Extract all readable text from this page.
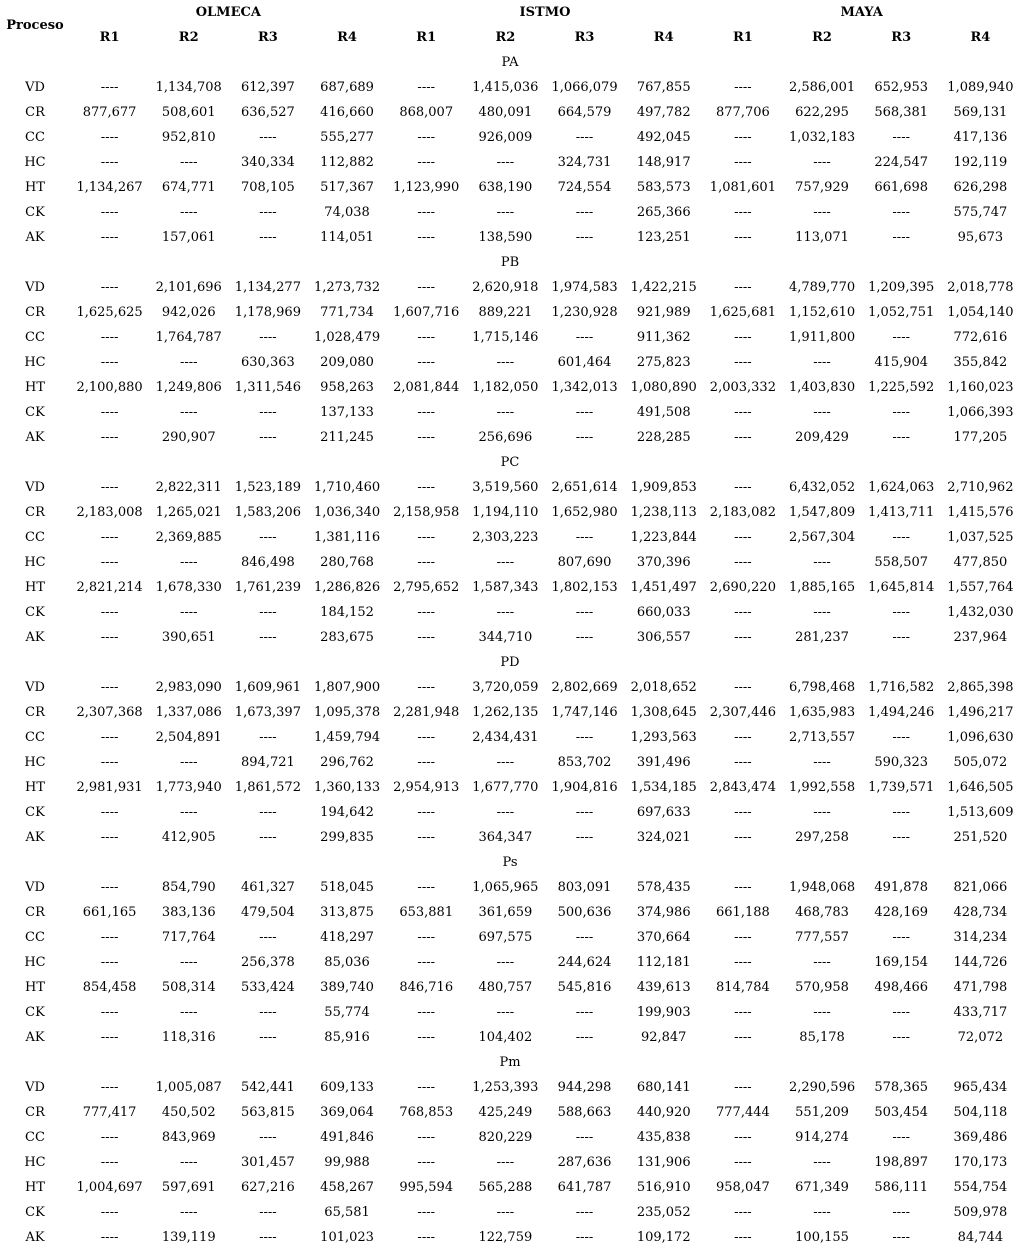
Proceso	OLMECA				ISTMO				MAYA			
	R1	R2	R3	R4	R1	R2	R3	R4	R1	R2	R3	R4
PA												
VD	----	1,134,708	612,397	687,689	----	1,415,036	1,066,079	767,855	----	2,586,001	652,953	1,089,940
CR	877,677	508,601	636,527	416,660	868,007	480,091	664,579	497,782	877,706	622,295	568,381	569,131
CC	----	952,810	----	555,277	----	926,009	----	492,045	----	1,032,183	----	417,136
HC	----	----	340,334	112,882	----	----	324,731	148,917	----	----	224,547	192,119
HT	1,134,267	674,771	708,105	517,367	1,123,990	638,190	724,554	583,573	1,081,601	757,929	661,698	626,298
CK	----	----	----	74,038	----	----	----	265,366	----	----	----	575,747
AK	----	157,061	----	114,051	----	138,590	----	123,251	----	113,071	----	95,673
PB												
VD	----	2,101,696	1,134,277	1,273,732	----	2,620,918	1,974,583	1,422,215	----	4,789,770	1,209,395	2,018,778
CR	1,625,625	942,026	1,178,969	771,734	1,607,716	889,221	1,230,928	921,989	1,625,681	1,152,610	1,052,751	1,054,140
CC	----	1,764,787	----	1,028,479	----	1,715,146	----	911,362	----	1,911,800	----	772,616
HC	----	----	630,363	209,080	----	----	601,464	275,823	----	----	415,904	355,842
HT	2,100,880	1,249,806	1,311,546	958,263	2,081,844	1,182,050	1,342,013	1,080,890	2,003,332	1,403,830	1,225,592	1,160,023
CK	----	----	----	137,133	----	----	----	491,508	----	----	----	1,066,393
AK	----	290,907	----	211,245	----	256,696	----	228,285	----	209,429	----	177,205
PC												
VD	----	2,822,311	1,523,189	1,710,460	----	3,519,560	2,651,614	1,909,853	----	6,432,052	1,624,063	2,710,962
CR	2,183,008	1,265,021	1,583,206	1,036,340	2,158,958	1,194,110	1,652,980	1,238,113	2,183,082	1,547,809	1,413,711	1,415,576
CC	----	2,369,885	----	1,381,116	----	2,303,223	----	1,223,844	----	2,567,304	----	1,037,525
HC	----	----	846,498	280,768	----	----	807,690	370,396	----	----	558,507	477,850
HT	2,821,214	1,678,330	1,761,239	1,286,826	2,795,652	1,587,343	1,802,153	1,451,497	2,690,220	1,885,165	1,645,814	1,557,764
CK	----	----	----	184,152	----	----	----	660,033	----	----	----	1,432,030
AK	----	390,651	----	283,675	----	344,710	----	306,557	----	281,237	----	237,964
PD												
VD	----	2,983,090	1,609,961	1,807,900	----	3,720,059	2,802,669	2,018,652	----	6,798,468	1,716,582	2,865,398
CR	2,307,368	1,337,086	1,673,397	1,095,378	2,281,948	1,262,135	1,747,146	1,308,645	2,307,446	1,635,983	1,494,246	1,496,217
CC	----	2,504,891	----	1,459,794	----	2,434,431	----	1,293,563	----	2,713,557	----	1,096,630
HC	----	----	894,721	296,762	----	----	853,702	391,496	----	----	590,323	505,072
HT	2,981,931	1,773,940	1,861,572	1,360,133	2,954,913	1,677,770	1,904,816	1,534,185	2,843,474	1,992,558	1,739,571	1,646,505
CK	----	----	----	194,642	----	----	----	697,633	----	----	----	1,513,609
AK	----	412,905	----	299,835	----	364,347	----	324,021	----	297,258	----	251,520
Ps												
VD	----	854,790	461,327	518,045	----	1,065,965	803,091	578,435	----	1,948,068	491,878	821,066
CR	661,165	383,136	479,504	313,875	653,881	361,659	500,636	374,986	661,188	468,783	428,169	428,734
CC	----	717,764	----	418,297	----	697,575	----	370,664	----	777,557	----	314,234
HC	----	----	256,378	85,036	----	----	244,624	112,181	----	----	169,154	144,726
HT	854,458	508,314	533,424	389,740	846,716	480,757	545,816	439,613	814,784	570,958	498,466	471,798
CK	----	----	----	55,774	----	----	----	199,903	----	----	----	433,717
AK	----	118,316	----	85,916	----	104,402	----	92,847	----	85,178	----	72,072
Pm												
VD	----	1,005,087	542,441	609,133	----	1,253,393	944,298	680,141	----	2,290,596	578,365	965,434
CR	777,417	450,502	563,815	369,064	768,853	425,249	588,663	440,920	777,444	551,209	503,454	504,118
CC	----	843,969	----	491,846	----	820,229	----	435,838	----	914,274	----	369,486
HC	----	----	301,457	99,988	----	----	287,636	131,906	----	----	198,897	170,173
HT	1,004,697	597,691	627,216	458,267	995,594	565,288	641,787	516,910	958,047	671,349	586,111	554,754
CK	----	----	----	65,581	----	----	----	235,052	----	----	----	509,978
AK	----	139,119	----	101,023	----	122,759	----	109,172	----	100,155	----	84,744
